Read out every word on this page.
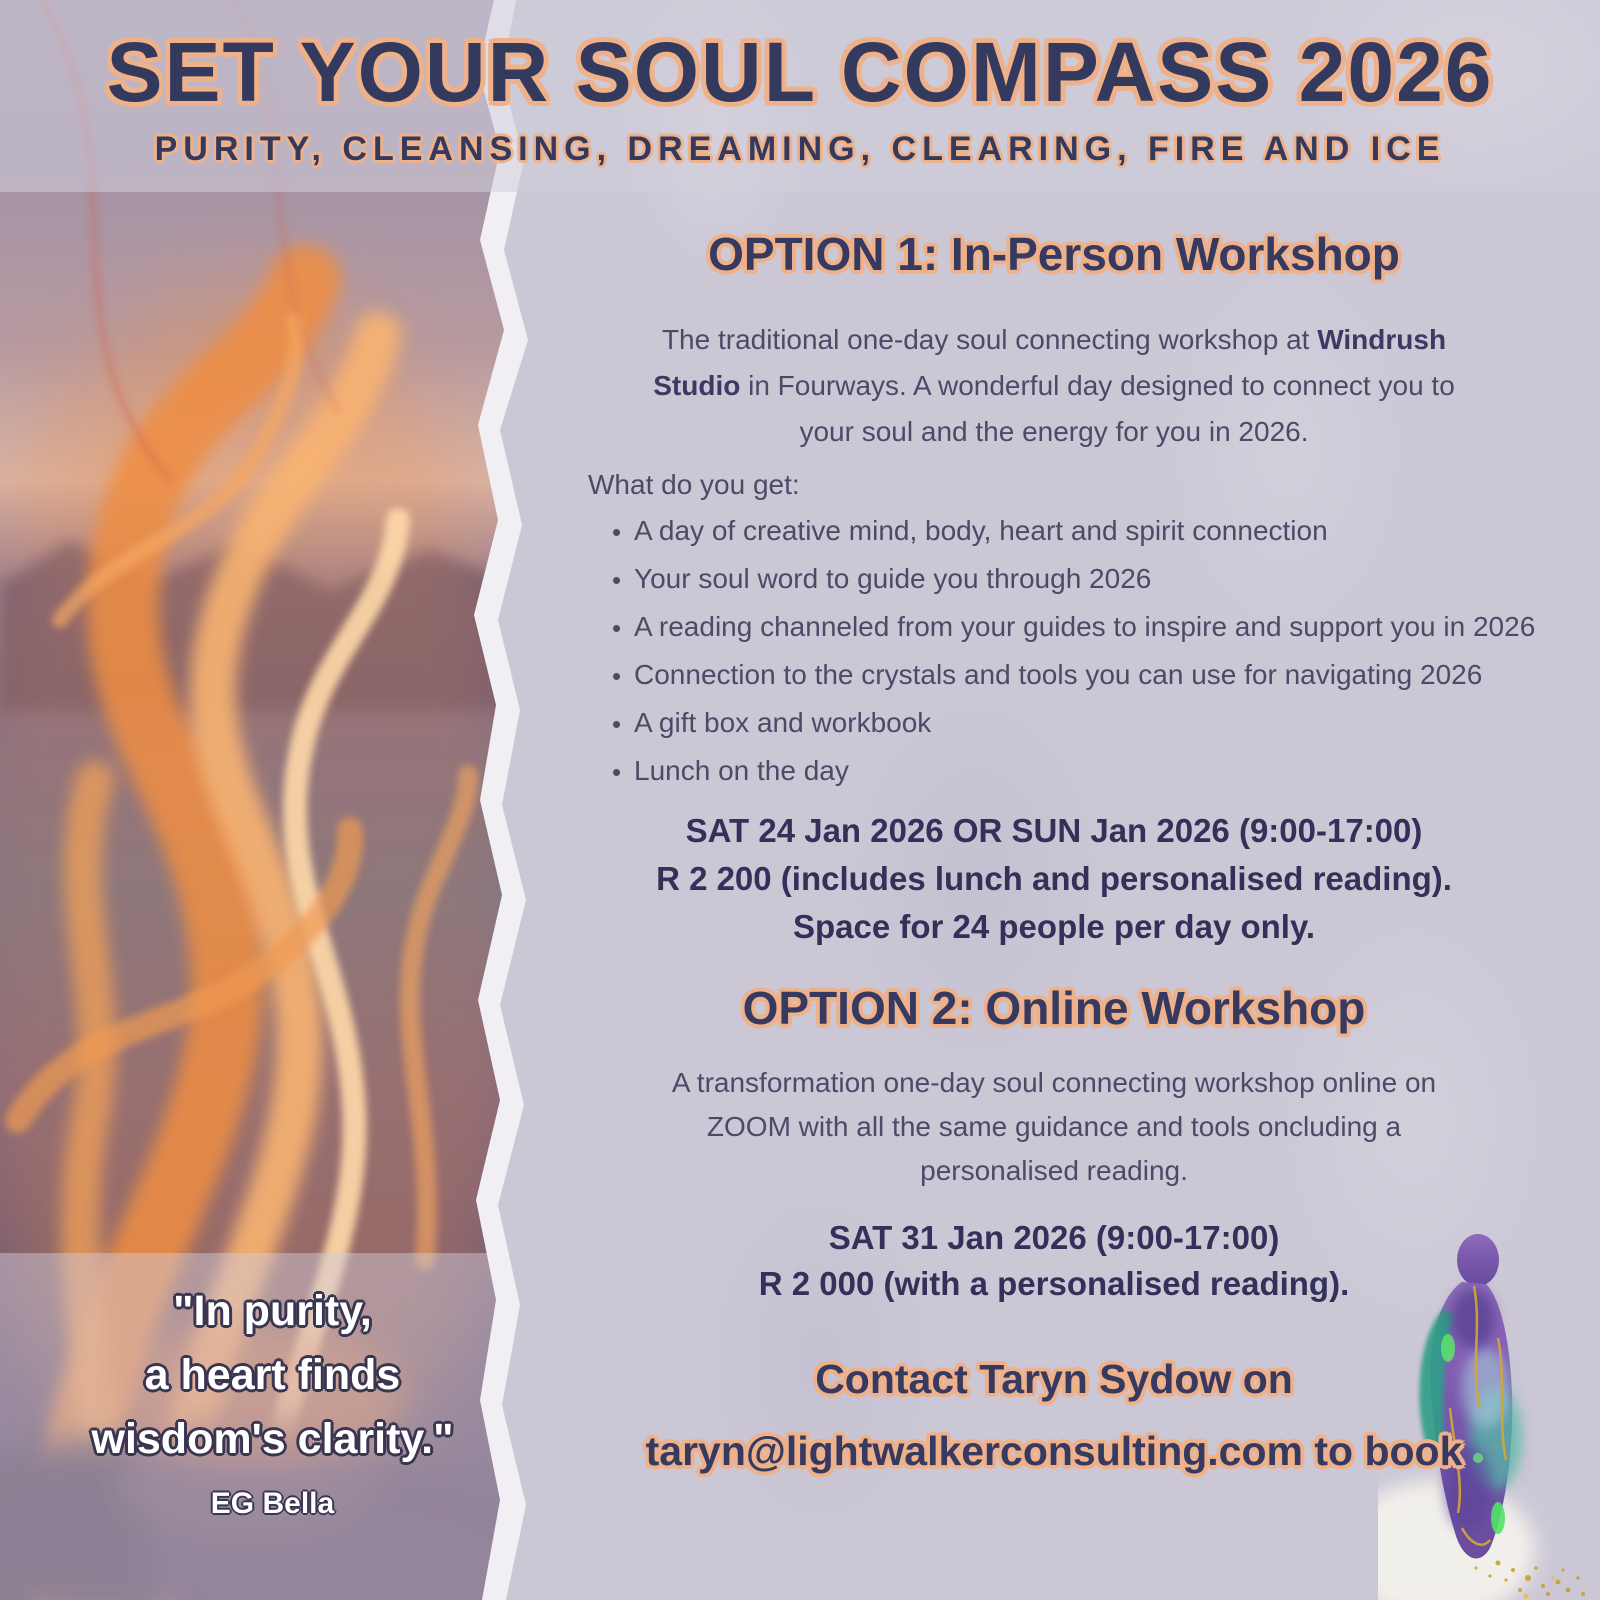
"In purity,
a heart finds
wisdom's clarity."
EG Bella
SET YOUR SOUL COMPASS 2026
PURITY, CLEANSING, DREAMING, CLEARING, FIRE AND ICE
OPTION 1: In-Person Workshop
The traditional one-day soul connecting workshop at Windrush
Studio in Fourways. A wonderful day designed to connect you to
your soul and the energy for you in 2026.
What do you get:
• A day of creative mind, body, heart and spirit connection
• Your soul word to guide you through 2026
• A reading channeled from your guides to inspire and support you in 2026
• Connection to the crystals and tools you can use for navigating 2026
• A gift box and workbook
• Lunch on the day
SAT 24 Jan 2026 OR SUN Jan 2026 (9:00-17:00)
R 2 200 (includes lunch and personalised reading).
Space for 24 people per day only.
OPTION 2: Online Workshop
A transformation one-day soul connecting workshop online on
ZOOM with all the same guidance and tools oncluding a
personalised reading.
SAT 31 Jan 2026 (9:00-17:00)
R 2 000 (with a personalised reading).
Contact Taryn Sydow on
taryn@lightwalkerconsulting.com to book
